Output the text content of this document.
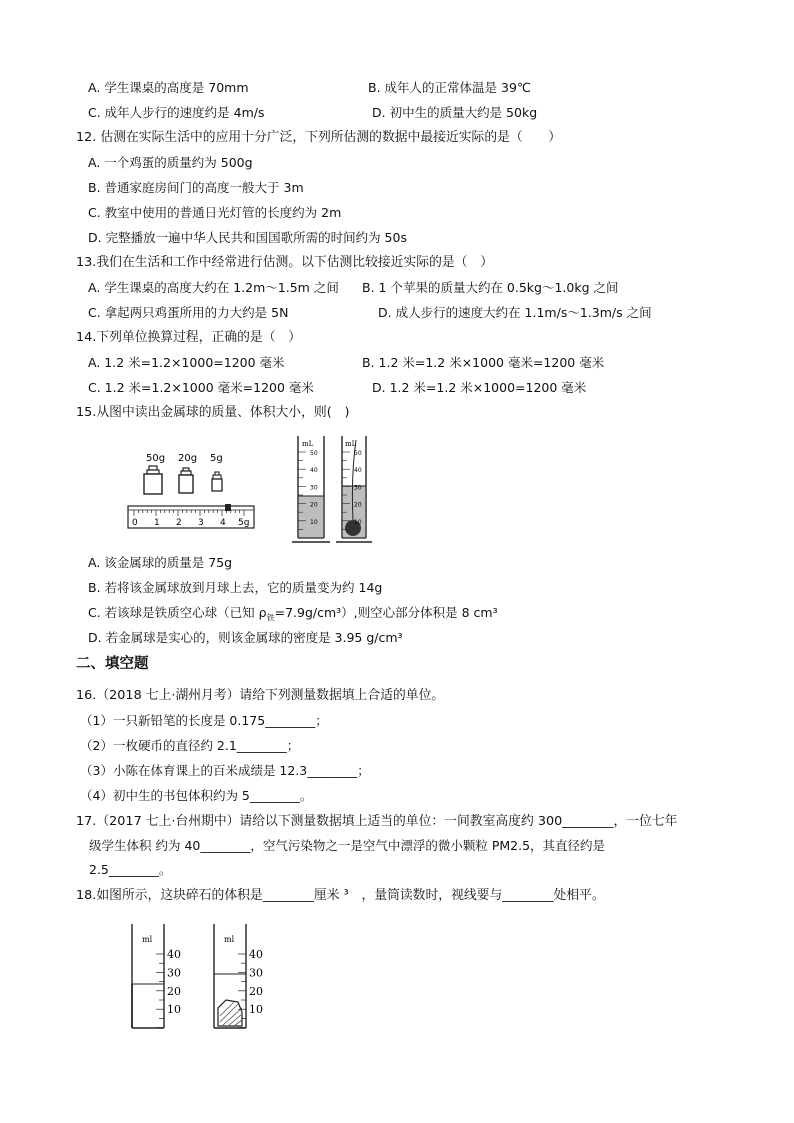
A. 学生课桌的高度是 70mm	B. 成年人的正常体温是 39℃
C. 成年人步行的速度约是 4m/s	D. 初中生的质量大约是 50kg
12. 估测在实际生活中的应用十分广泛，下列所估测的数据中最接近实际的是（　　）
A. 一个鸡蛋的质量约为 500g
B. 普通家庭房间门的高度一般大于 3m
C. 教室中使用的普通日光灯管的长度约为 2m
D. 完整播放一遍中华人民共和国国歌所需的时间约为 50s
13.我们在生活和工作中经常进行估测。以下估测比较接近实际的是（　）
A. 学生课桌的高度大约在 1.2m～1.5m 之间 B. 1 个苹果的质量大约在 0.5kg～1.0kg 之间
C. 拿起两只鸡蛋所用的力大约是 5N	D. 成人步行的速度大约在 1.1m/s～1.3m/s 之间
14.下列单位换算过程，正确的是（　）
A. 1.2 米=1.2×1000=1200 毫米	B. 1.2 米=1.2 米×1000 毫米=1200 毫米
C. 1.2 米=1.2×1000 毫米=1200 毫米	D. 1.2 米=1.2 米×1000=1200 毫米
15.从图中读出金属球的质量、体积大小，则(　)
50g 20g 5g
0 1 2 3 4 5g
50
40
30
20
10
50
40
30
20
10
mL	mL
A. 该金属球的质量是 75g
B. 若将该金属球放到月球上去，它的质量变为约 14g
C. 若该球是铁质空心球（已知 $\rho_铁=7.9g/cm^3$）,则空心部分体积是 8 cm³
D. 若金属球是实心的，则该金属球的密度是 3.95 g/cm³
二、填空题
16.（2018 七上·湖州月考）请给下列测量数据填上合适的单位。
（1）一只新铅笔的长度是 0.175________；
（2）一枚硬币的直径约 2.1________；
（3）小陈在体育课上的百米成绩是 12.3________；
（4）初中生的书包体积约为 5________。
17.（2017 七上·台州期中）请给以下测量数据填上适当的单位：一间教室高度约 300________，一位七年
级学生体积 约为 40________，空气污染物之一是空气中漂浮的微小颗粒 PM2.5，其直径约是
2.5________。
18.如图所示，这块碎石的体积是________厘米 ³　，量筒读数时，视线要与________处相平。
40
30
20
10
40
30
20
10
ml	ml
